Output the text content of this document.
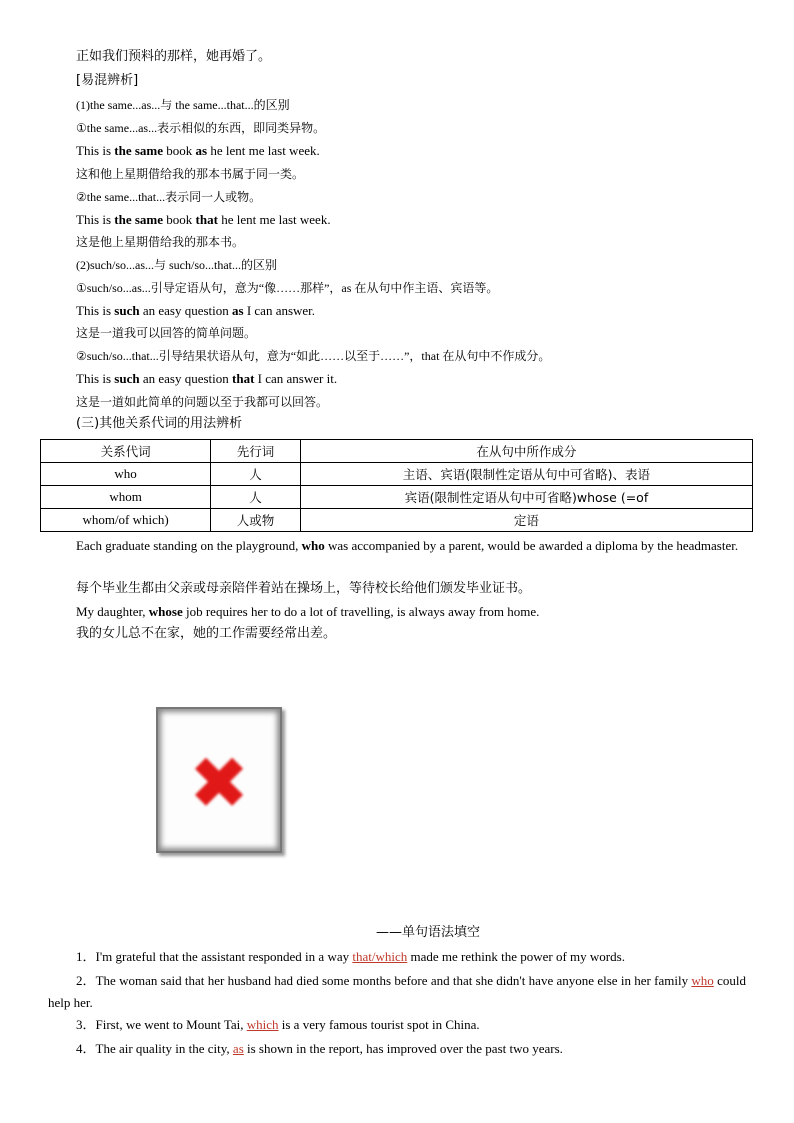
正如我们预料的那样，她再婚了。
[易混辨析]
(1)the same...as...与 the same...that...的区别
①the same...as...表示相似的东西，即同类异物。
This is the same book as he lent me last week.
这和他上星期借给我的那本书属于同一类。
②the same...that...表示同一人或物。
This is the same book that he lent me last week.
这是他上星期借给我的那本书。
(2)such/so...as...与 such/so...that...的区别
①such/so...as...引导定语从句，意为“像……那样”，as 在从句中作主语、宾语等。
This is such an easy question as I can answer.
这是一道我可以回答的简单问题。
②such/so...that...引导结果状语从句，意为“如此……以至于……”，that 在从句中不作成分。
This is such an easy question that I can answer it.
这是一道如此简单的问题以至于我都可以回答。
(三)其他关系代词的用法辨析
关系代词	先行词	在从句中所作成分
who	人	主语、宾语(限制性定语从句中可省略)、表语
whom	人	宾语(限制性定语从句中可省略)whose (=of
whom/of which)	人或物	定语
Each graduate standing on the playground, who was accompanied by a parent, would be awarded a diploma by the headmaster.
每个毕业生都由父亲或母亲陪伴着站在操场上，等待校长给他们颁发毕业证书。
My daughter, whose job requires her to do a lot of travelling, is always away from home.
我的女儿总不在家，她的工作需要经常出差。
✖
——单句语法填空
1．I'm grateful that the assistant responded in a way that/which made me rethink the power of my words.
2．The woman said that her husband had died some months before and that she didn't have anyone else in her family who could help her.
3．First, we went to Mount Tai, which is a very famous tourist spot in China.
4．The air quality in the city, as is shown in the report, has improved over the past two years.
